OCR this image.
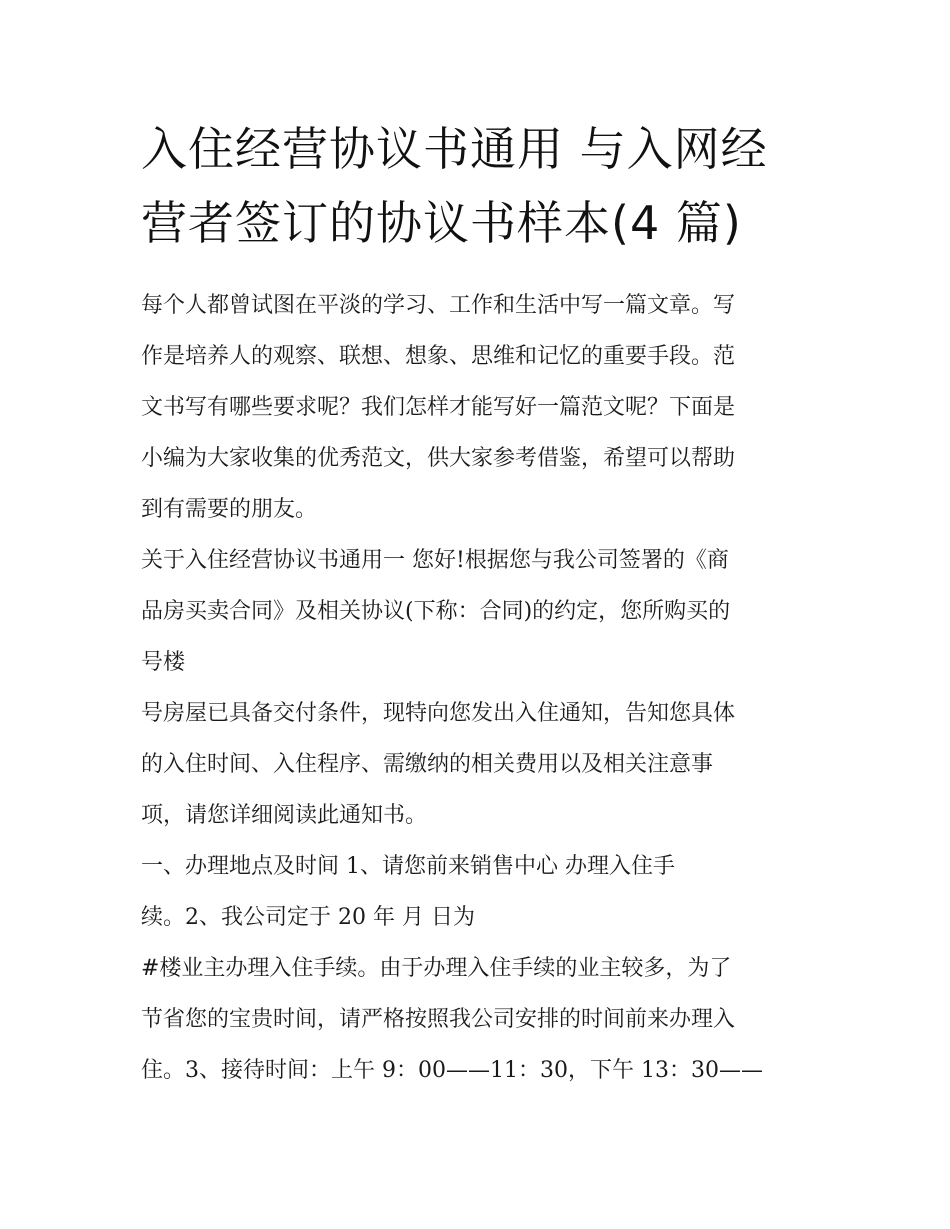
入住经营协议书通用 与入网经
营者签订的协议书样本(4 篇)
每个人都曾试图在平淡的学习、工作和生活中写一篇文章。写
作是培养人的观察、联想、想象、思维和记忆的重要手段。范
文书写有哪些要求呢？我们怎样才能写好一篇范文呢？下面是
小编为大家收集的优秀范文，供大家参考借鉴，希望可以帮助
到有需要的朋友。
关于入住经营协议书通用一 您好!根据您与我公司签署的《商
品房买卖合同》及相关协议(下称：合同)的约定，您所购买的
号楼
号房屋已具备交付条件，现特向您发出入住通知，告知您具体
的入住时间、入住程序、需缴纳的相关费用以及相关注意事
项，请您详细阅读此通知书。
一、办理地点及时间 1、请您前来销售中心 办理入住手
续。2、我公司定于 20 年 月 日为
#楼业主办理入住手续。由于办理入住手续的业主较多，为了
节省您的宝贵时间，请严格按照我公司安排的时间前来办理入
住。3、接待时间：上午 9：00——11：30，下午 13：30——
